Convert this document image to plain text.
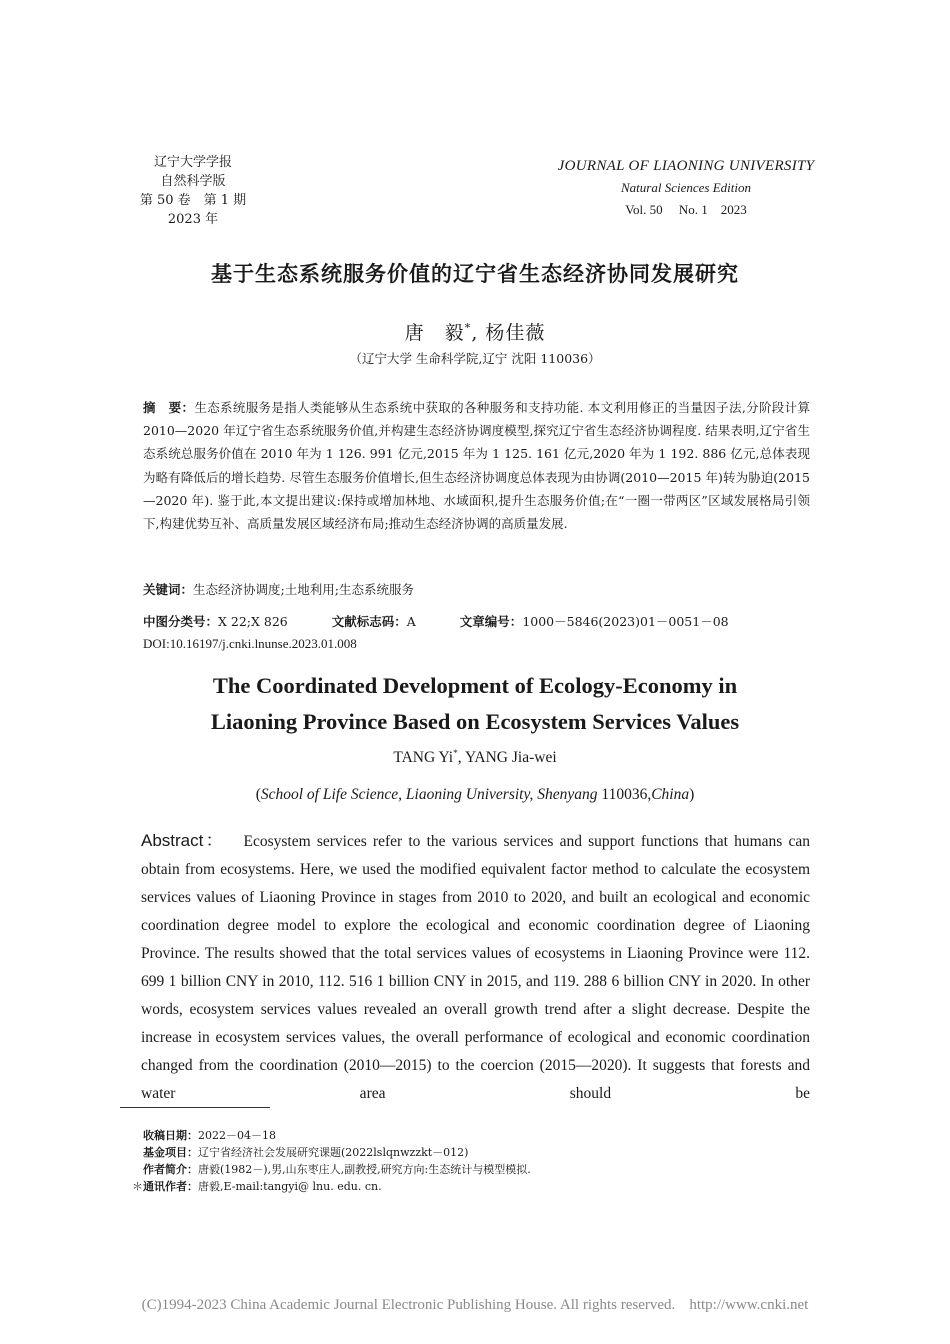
辽宁大学学报
自然科学版
第 50 卷　第 1 期　2023 年
JOURNAL OF LIAONING UNIVERSITY
Natural Sciences Edition
Vol. 50　 No. 1　2023
基于生态系统服务价值的辽宁省生态经济协同发展研究
唐　毅*, 杨佳薇
（辽宁大学 生命科学院,辽宁 沈阳 110036）
摘　要：生态系统服务是指人类能够从生态系统中获取的各种服务和支持功能. 本文利用修正的当量因子法,分阶段计算 2010—2020 年辽宁省生态系统服务价值,并构建生态经济协调度模型,探究辽宁省生态经济协调程度. 结果表明,辽宁省生态系统总服务价值在 2010 年为 1 126. 991 亿元,2015 年为 1 125. 161 亿元,2020 年为 1 192. 886 亿元,总体表现为略有降低后的增长趋势. 尽管生态服务价值增长,但生态经济协调度总体表现为由协调(2010—2015 年)转为胁迫(2015—2020 年). 鉴于此,本文提出建议:保持或增加林地、水域面积,提升生态服务价值;在“一圈一带两区”区域发展格局引领下,构建优势互补、高质量发展区域经济布局;推动生态经济协调的高质量发展.
关键词：生态经济协调度;土地利用;生态系统服务
中图分类号：X 22;X 826	文献标志码：A	文章编号：1000－5846(2023)01－0051－08
DOI:10.16197/j.cnki.lnunse.2023.01.008
The Coordinated Development of Ecology-Economy in
Liaoning Province Based on Ecosystem Services Values
TANG Yi*, YANG Jia-wei
(School of Life Science, Liaoning University, Shenyang 110036,China)
Abstract： Ecosystem services refer to the various services and support functions that humans can obtain from ecosystems. Here, we used the modified equivalent factor method to calculate the ecosystem services values of Liaoning Province in stages from 2010 to 2020, and built an ecological and economic coordination degree model to explore the ecological and economic coordination degree of Liaoning Province. The results showed that the total services values of ecosystems in Liaoning Province were 112. 699 1 billion CNY in 2010, 112. 516 1 billion CNY in 2015, and 119. 288 6 billion CNY in 2020. In other words, ecosystem services values revealed an overall growth trend after a slight decrease. Despite the increase in ecosystem services values, the overall performance of ecological and economic coordination changed from the coordination (2010—2015) to the coercion (2015—2020). It suggests that forests and water area should be
收稿日期：2022－04－18
基金项目：辽宁省经济社会发展研究课题(2022lslqnwzzkt－012)
作者简介：唐毅(1982－),男,山东枣庄人,副教授,研究方向:生态统计与模型模拟.
＊ 通讯作者：唐毅,E-mail:tangyi@ lnu. edu. cn.
(C)1994-2023 China Academic Journal Electronic Publishing House. All rights reserved. http://www.cnki.net
